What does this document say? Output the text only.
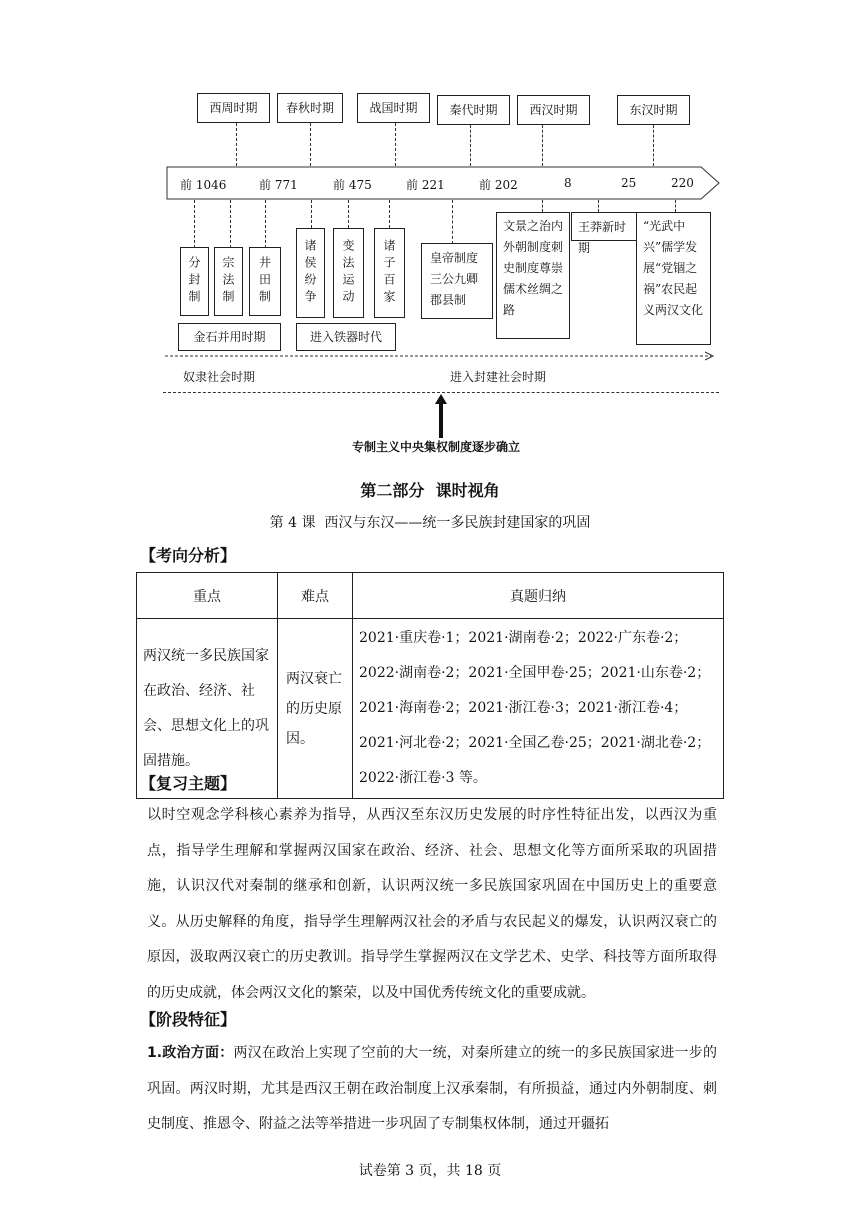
西周时期	春秋时期	战国时期	秦代时期	西汉时期	东汉时期
前 1046	前 771	前 475	前 221	前 202	8	25	220
分封制	宗法制	井田制	诸侯纷争	变法运动	诸子百家	皇帝制度三公九卿郡县制
文景之治内外朝制度刺史制度尊崇儒术丝绸之路
王莽新时期
“光武中兴”儒学发展“党锢之祸”农民起义两汉文化
金石并用时期	进入铁器时代
奴隶社会时期	进入封建社会时期
专制主义中央集权制度逐步确立
第二部分  课时视角
第 4 课  西汉与东汉——统一多民族封建国家的巩固
【考向分析】
重点	难点	真题归纳
两汉统一多民族国家在政治、经济、社会、思想文化上的巩固措施。	两汉衰亡的历史原因。	2021·重庆卷·1；2021·湖南卷·2；2022·广东卷·2；2022·湖南卷·2；2021·全国甲卷·25；2021·山东卷·2；2021·海南卷·2；2021·浙江卷·3；2021·浙江卷·4；2021·河北卷·2；2021·全国乙卷·25；2021·湖北卷·2；2022·浙江卷·3 等。
【复习主题】

以时空观念学科核心素养为指导，从西汉至东汉历史发展的时序性特征出发，以西汉为重点，指导学生理解和掌握两汉国家在政治、经济、社会、思想文化等方面所采取的巩固措施，认识汉代对秦制的继承和创新，认识两汉统一多民族国家巩固在中国历史上的重要意义。从历史解释的角度，指导学生理解两汉社会的矛盾与农民起义的爆发，认识两汉衰亡的原因，汲取两汉衰亡的历史教训。指导学生掌握两汉在文学艺术、史学、科技等方面所取得的历史成就，体会两汉文化的繁荣，以及中国优秀传统文化的重要成就。

【阶段特征】

1.政治方面：两汉在政治上实现了空前的大一统，对秦所建立的统一的多民族国家进一步的巩固。两汉时期，尤其是西汉王朝在政治制度上汉承秦制，有所损益，通过内外朝制度、刺史制度、推恩令、附益之法等举措进一步巩固了专制集权体制，通过开疆拓

试卷第 3 页，共 18 页
